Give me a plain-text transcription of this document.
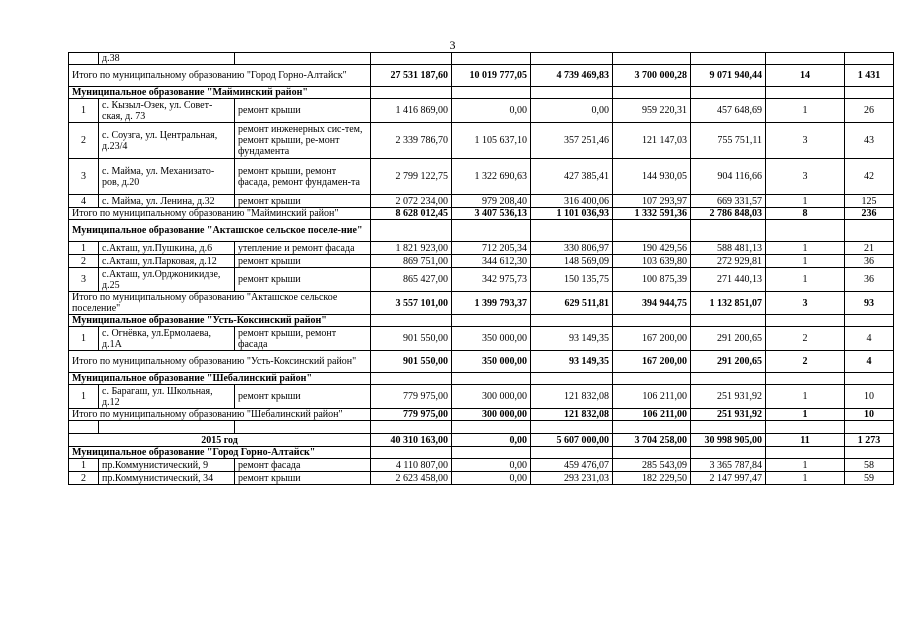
3
	д.38								
Итого по муниципальному образованию "Город Горно-Алтайск"			27 531 187,60	10 019 777,05	4 739 469,83	3 700 000,28	9 071 940,44	14	1 431
Муниципальное образование "Майминский район"									
1	с. Кызыл-Озек, ул. Совет-ская, д. 73	ремонт крыши	1 416 869,00	0,00	0,00	959 220,31	457 648,69	1	26
2	с. Соузга, ул. Центральная, д.23/4	ремонт инженерных сис-тем, ремонт крыши, ре-монт фундамента	2 339 786,70	1 105 637,10	357 251,46	121 147,03	755 751,11	3	43
3	с. Майма, ул. Механизато-ров, д.20	ремонт крыши, ремонт фасада, ремонт фундамен-та	2 799 122,75	1 322 690,63	427 385,41	144 930,05	904 116,66	3	42
4	с. Майма, ул. Ленина, д.32	ремонт крыши	2 072 234,00	979 208,40	316 400,06	107 293,97	669 331,57	1	125
Итого по муниципальному образованию "Майминский район"			8 628 012,45	3 407 536,13	1 101 036,93	1 332 591,36	2 786 848,03	8	236
Муниципальное образование "Акташское сельское поселе-ние"									
1	с.Акташ, ул.Пушкина, д.6	утепление и ремонт фасада	1 821 923,00	712 205,34	330 806,97	190 429,56	588 481,13	1	21
2	с.Акташ, ул.Парковая, д.12	ремонт крыши	869 751,00	344 612,30	148 569,09	103 639,80	272 929,81	1	36
3	с.Акташ, ул.Орджоникидзе, д.25	ремонт крыши	865 427,00	342 975,73	150 135,75	100 875,39	271 440,13	1	36
Итого по муниципальному образованию "Акташское сельское поселение"			3 557 101,00	1 399 793,37	629 511,81	394 944,75	1 132 851,07	3	93
Муниципальное образование "Усть-Коксинский район"									
1	с. Огнёвка, ул.Ермолаева, д.1А	ремонт крыши, ремонт фасада	901 550,00	350 000,00	93 149,35	167 200,00	291 200,65	2	4
Итого по муниципальному образованию "Усть-Коксинский район"			901 550,00	350 000,00	93 149,35	167 200,00	291 200,65	2	4
Муниципальное образование "Шебалинский район"									
1	с. Барагаш, ул. Школьная, д.12	ремонт крыши	779 975,00	300 000,00	121 832,08	106 211,00	251 931,92	1	10
Итого по муниципальному образованию "Шебалинский район"			779 975,00	300 000,00	121 832,08	106 211,00	251 931,92	1	10

2015 год			40 310 163,00	0,00	5 607 000,00	3 704 258,00	30 998 905,00	11	1 273
Муниципальное образование "Город Горно-Алтайск"									
1	пр.Коммунистический, 9	ремонт фасада	4 110 807,00	0,00	459 476,07	285 543,09	3 365 787,84	1	58
2	пр.Коммунистический, 34	ремонт крыши	2 623 458,00	0,00	293 231,03	182 229,50	2 147 997,47	1	59
